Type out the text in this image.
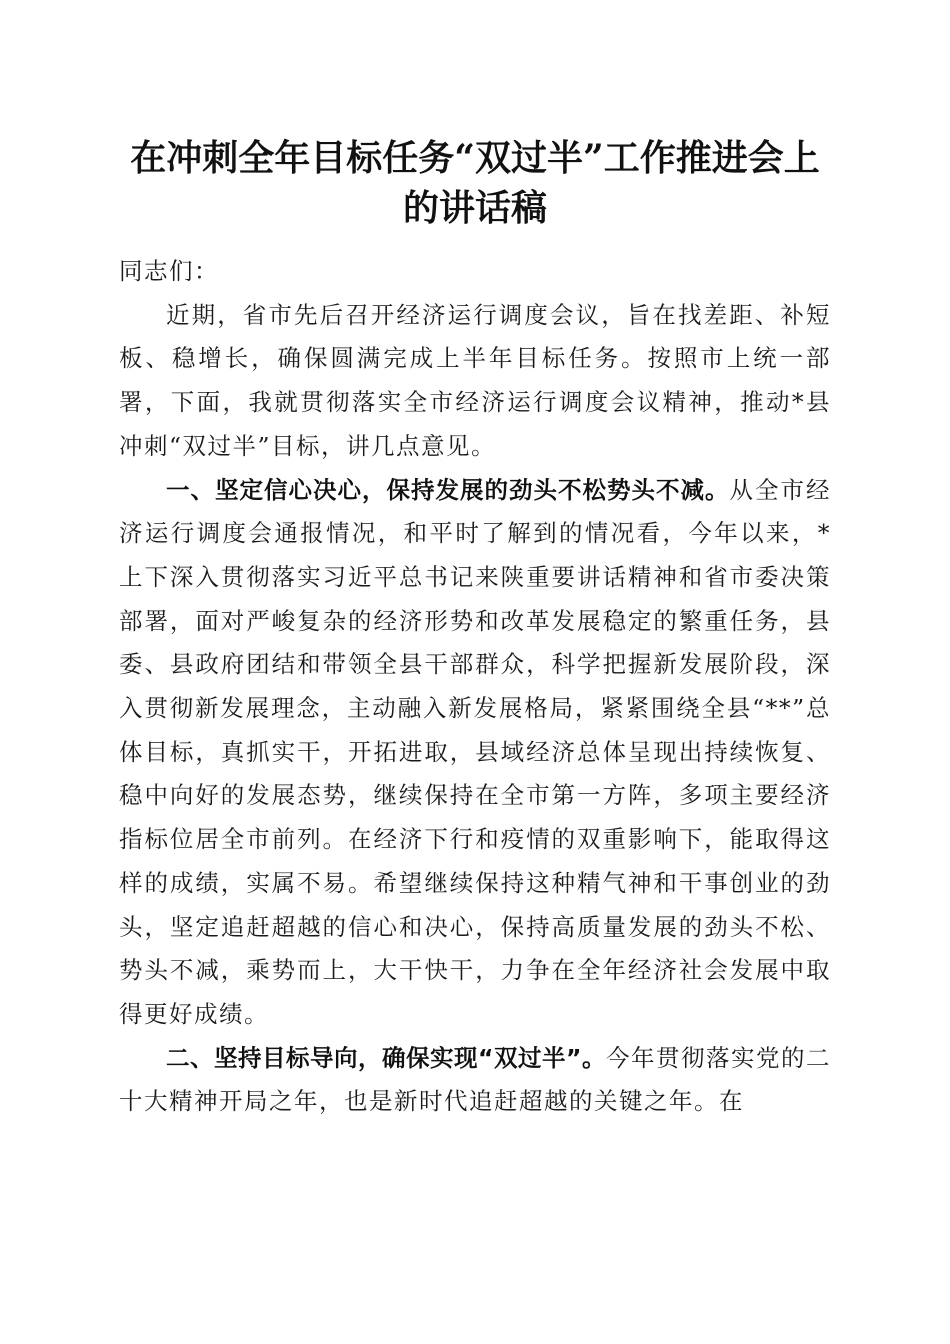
在冲刺全年目标任务“双过半”工作推进会上
的讲话稿

同志们：

近期，省市先后召开经济运行调度会议，旨在找差距、补短板、稳增长，确保圆满完成上半年目标任务。按照市上统一部署，下面，我就贯彻落实全市经济运行调度会议精神，推动*县冲刺“双过半”目标，讲几点意见。

一、坚定信心决心，保持发展的劲头不松势头不减。从全市经济运行调度会通报情况，和平时了解到的情况看，今年以来，*上下深入贯彻落实习近平总书记来陕重要讲话精神和省市委决策部署，面对严峻复杂的经济形势和改革发展稳定的繁重任务，县委、县政府团结和带领全县干部群众，科学把握新发展阶段，深入贯彻新发展理念，主动融入新发展格局，紧紧围绕全县“**”总体目标，真抓实干，开拓进取，县域经济总体呈现出持续恢复、稳中向好的发展态势，继续保持在全市第一方阵，多项主要经济指标位居全市前列。在经济下行和疫情的双重影响下，能取得这样的成绩，实属不易。希望继续保持这种精气神和干事创业的劲头，坚定追赶超越的信心和决心，保持高质量发展的劲头不松、势头不减，乘势而上，大干快干，力争在全年经济社会发展中取得更好成绩。

二、坚持目标导向，确保实现“双过半”。今年贯彻落实党的二十大精神开局之年，也是新时代追赶超越的关键之年。在
